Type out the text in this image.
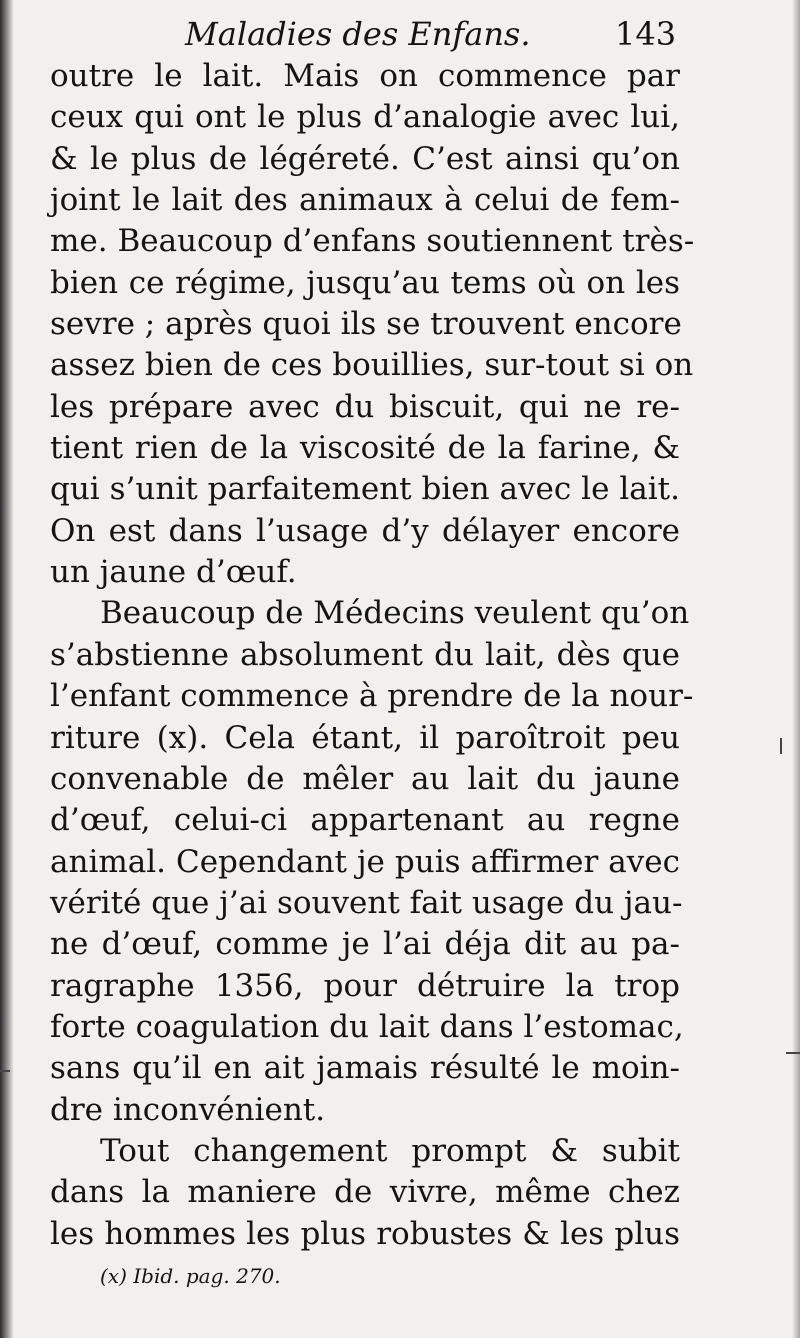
Maladies des Enfans.	143
outre le lait. Mais on commence par
ceux qui ont le plus d’analogie avec lui,
& le plus de légéreté. C’est ainsi qu’on
joint le lait des animaux à celui de fem-
me. Beaucoup d’enfans soutiennent très-
bien ce régime, jusqu’au tems où on les
sevre ; après quoi ils se trouvent encore
assez bien de ces bouillies, sur-tout si on
les prépare avec du biscuit, qui ne re-
tient rien de la viscosité de la farine, &
qui s’unit parfaitement bien avec le lait.
On est dans l’usage d’y délayer encore
un jaune d’œuf.
Beaucoup de Médecins veulent qu’on
s’abstienne absolument du lait, dès que
l’enfant commence à prendre de la nour-
riture (x). Cela étant, il paroîtroit peu
convenable de mêler au lait du jaune
d’œuf, celui-ci appartenant au regne
animal. Cependant je puis affirmer avec
vérité que j’ai souvent fait usage du jau-
ne d’œuf, comme je l’ai déja dit au pa-
ragraphe 1356, pour détruire la trop
forte coagulation du lait dans l’estomac,
sans qu’il en ait jamais résulté le moin-
dre inconvénient.
Tout changement prompt & subit
dans la maniere de vivre, même chez
les hommes les plus robustes & les plus
(x) Ibid. pag. 270.
